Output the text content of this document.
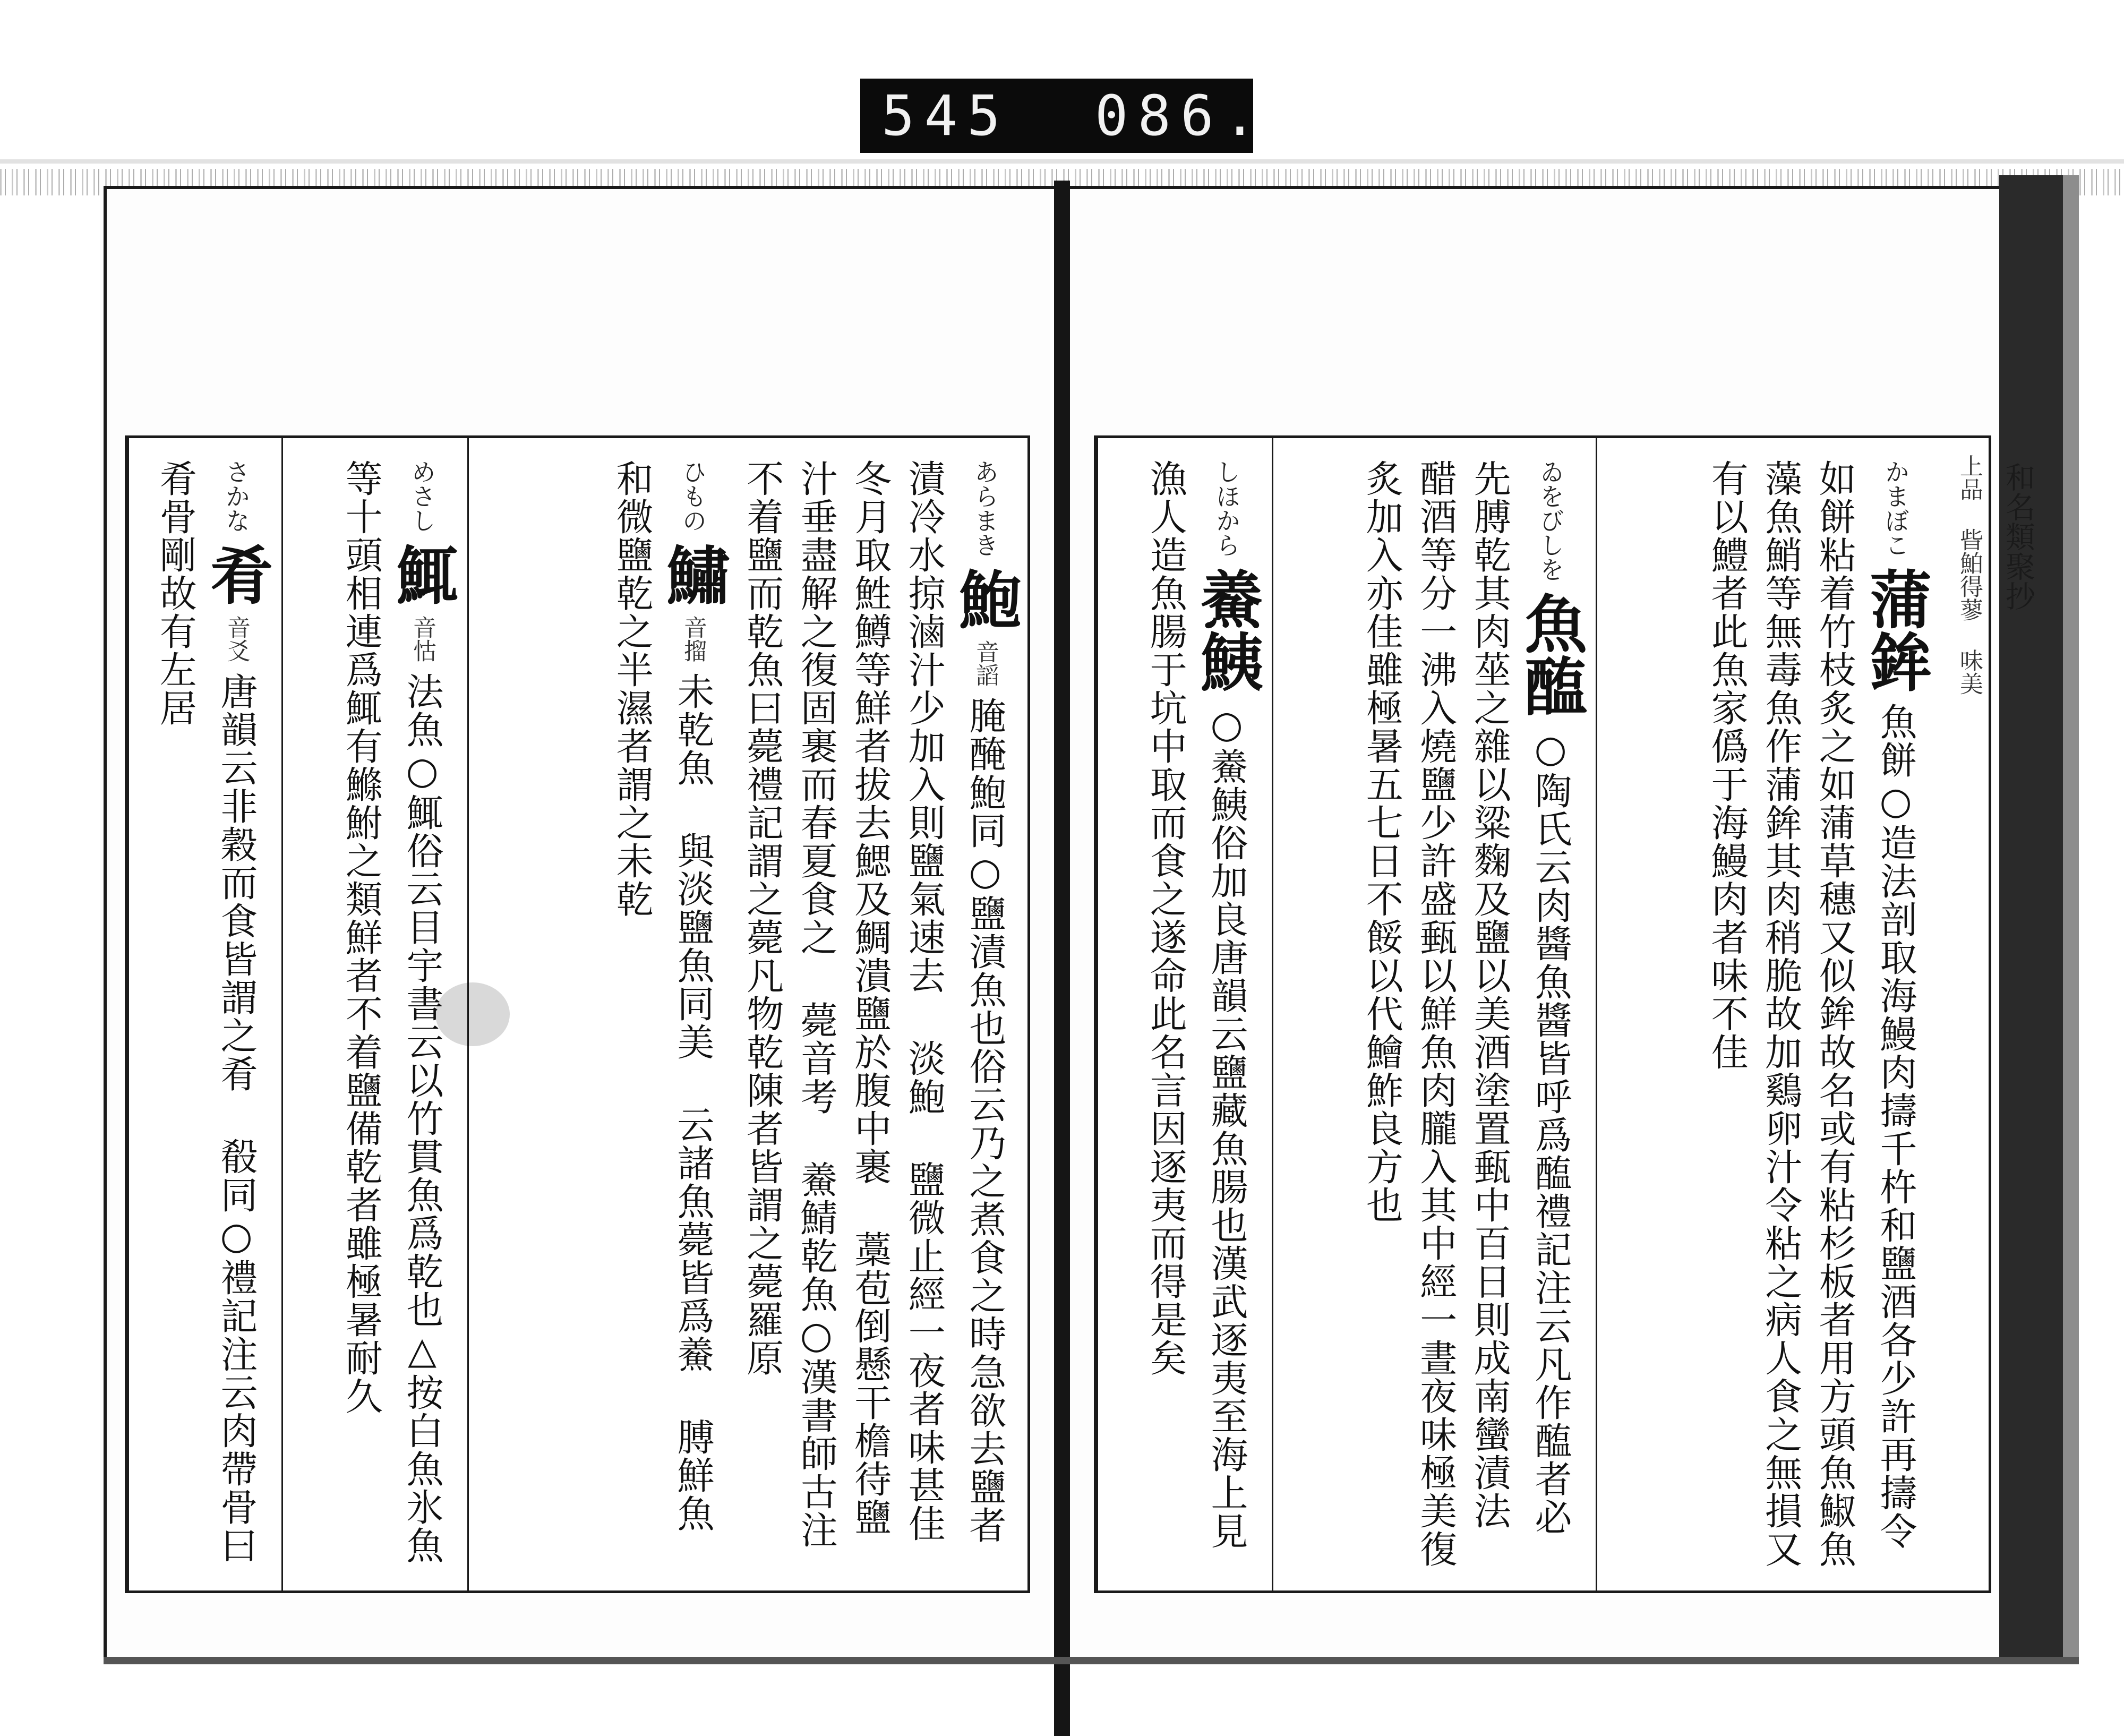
545 086.
あらまき 鮑 音謟 腌醃鮑同○鹽漬魚也俗云乃之煮食之時急欲去鹽者漬冷水掠滷汁少加入則鹽氣速去 淡鮑 鹽微止經一夜者味甚佳 冬月取鮏鱒等鮮者拔去鰓及鯛潰鹽於腹中裹 藁苞倒懸干檐待鹽汁垂盡解之復固裹而春夏食之 薨音考 鯗鯖乾魚○漢書師古注不着鹽而乾魚曰薨禮記謂之薨凡物乾陳者皆謂之薨羅原
ひもの 鱐 音㨨 未乾魚 與淡鹽魚同美 云諸魚薨皆爲鯗 膊鮮魚和微鹽乾之半濕者謂之未乾
めさし 鮿 音怙 法魚○鮿俗云目宇書云以竹貫魚爲乾也△按白魚氷魚等十頭相連爲鮿有鰷鮒之類鮮者不着鹽備乾者雖極暑耐久
さかな 肴 音爻 唐韻云非穀而食皆謂之肴 殽同○禮記注云肉帶骨曰肴骨剛故有左居	上品 㫮鮊得蓼 味美
かまぼこ 蒲鉾 魚餅○造法剖取海鰻肉擣千杵和鹽酒各少許再擣令如餅粘着竹枝炙之如蒲草穗又似鉾故名或有粘杉板者用方頭魚䱙魚藻魚鮹等無毒魚作蒲鉾其肉稍脆故加鷄卵汁令粘之病人食之無損又有以鱧者此魚家僞于海鰻肉者味不佳
ゐをびしを 魚醢 ○陶氏云肉醬魚醬皆呼爲醢禮記注云凡作醢者必先膊乾其肉莝之雜以粱麴及鹽以美酒塗置甀中百日則成南蠻漬法 醋酒等分一沸入燒鹽少許盛甀以鮮魚肉朧入其中經一晝夜味極美復炙加入亦佳雖極暑五七日不餒以代鱠鮓良方也
しほから 鯗鮧 ○鯗鮧俗加良唐韻云鹽藏魚腸也漢武逐夷至海上見漁人造魚腸于坑中取而食之遂命此名言因逐夷而得是矣	和名類聚抄
